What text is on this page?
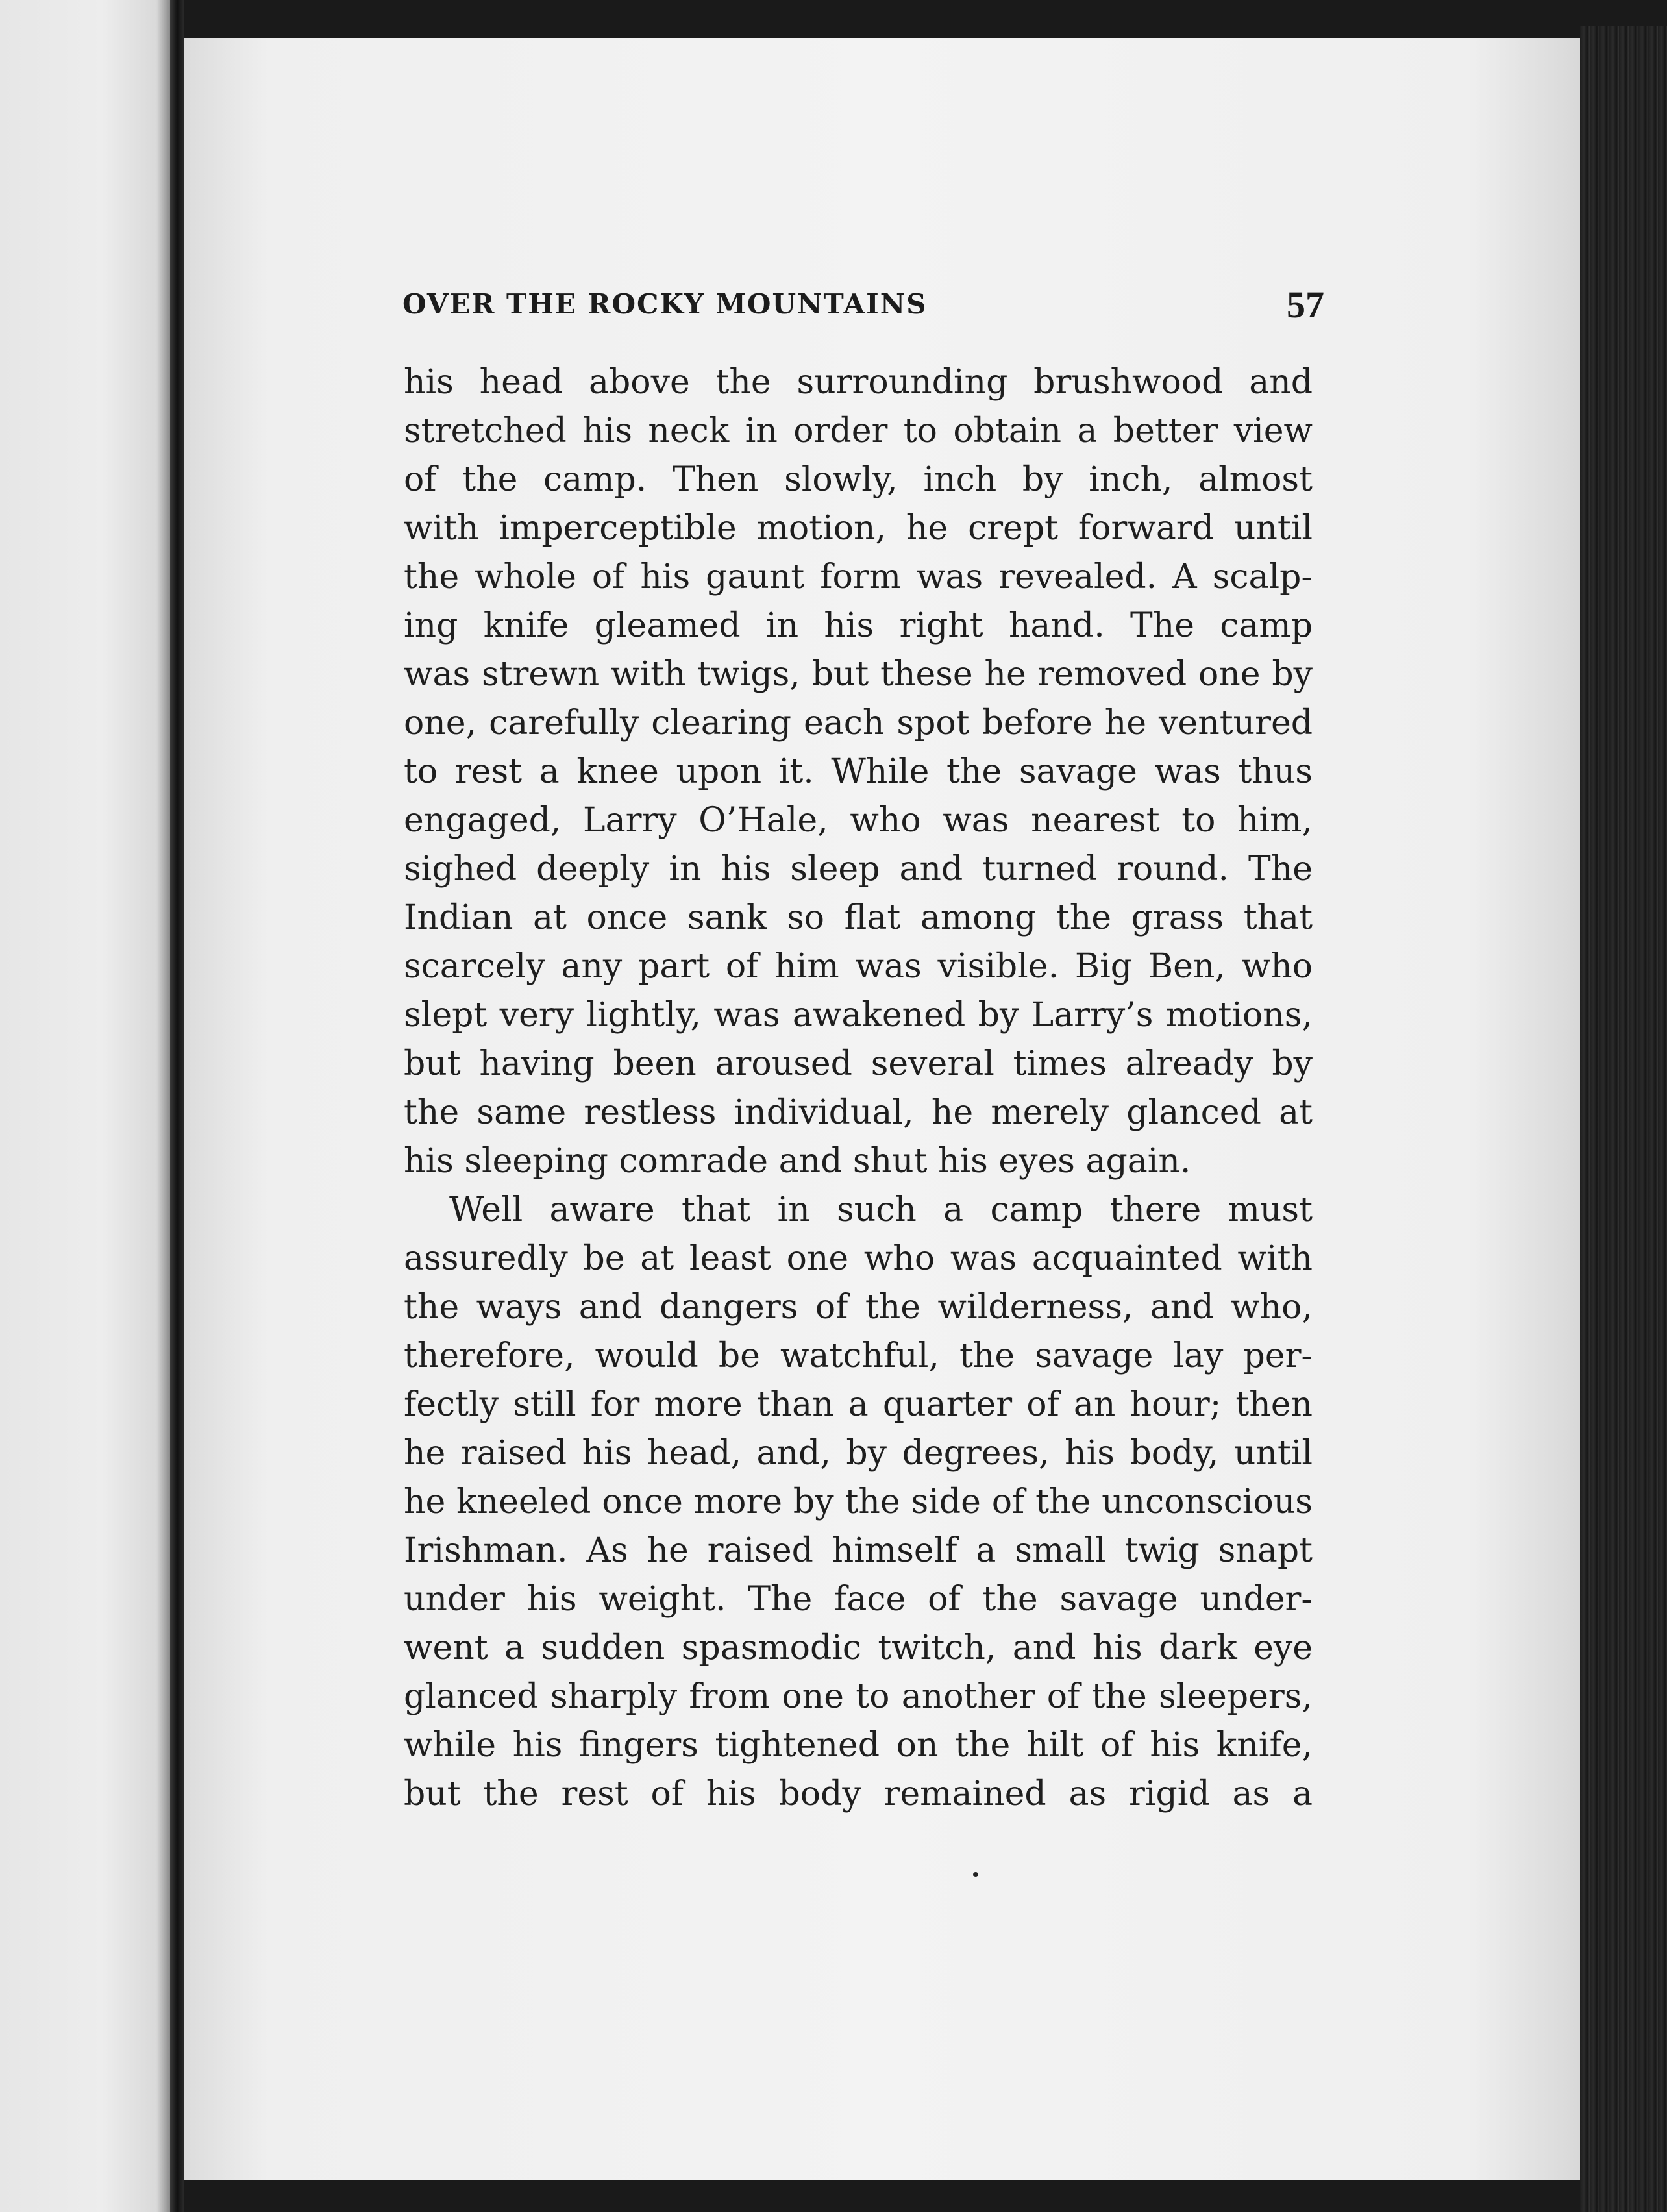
OVER THE ROCKY MOUNTAINS	57
his head above the surrounding brushwood and
stretched his neck in order to obtain a better view
of the camp. Then slowly, inch by inch, almost
with imperceptible motion, he crept forward until
the whole of his gaunt form was revealed. A scalp-
ing knife gleamed in his right hand. The camp
was strewn with twigs, but these he removed one by
one, carefully clearing each spot before he ventured
to rest a knee upon it. While the savage was thus
engaged, Larry O’Hale, who was nearest to him,
sighed deeply in his sleep and turned round. The
Indian at once sank so flat among the grass that
scarcely any part of him was visible. Big Ben, who
slept very lightly, was awakened by Larry’s motions,
but having been aroused several times already by
the same restless individual, he merely glanced at
his sleeping comrade and shut his eyes again.
Well aware that in such a camp there must
assuredly be at least one who was acquainted with
the ways and dangers of the wilderness, and who,
therefore, would be watchful, the savage lay per-
fectly still for more than a quarter of an hour; then
he raised his head, and, by degrees, his body, until
he kneeled once more by the side of the unconscious
Irishman. As he raised himself a small twig snapt
under his weight. The face of the savage under-
went a sudden spasmodic twitch, and his dark eye
glanced sharply from one to another of the sleepers,
while his fingers tightened on the hilt of his knife,
but the rest of his body remained as rigid as a
